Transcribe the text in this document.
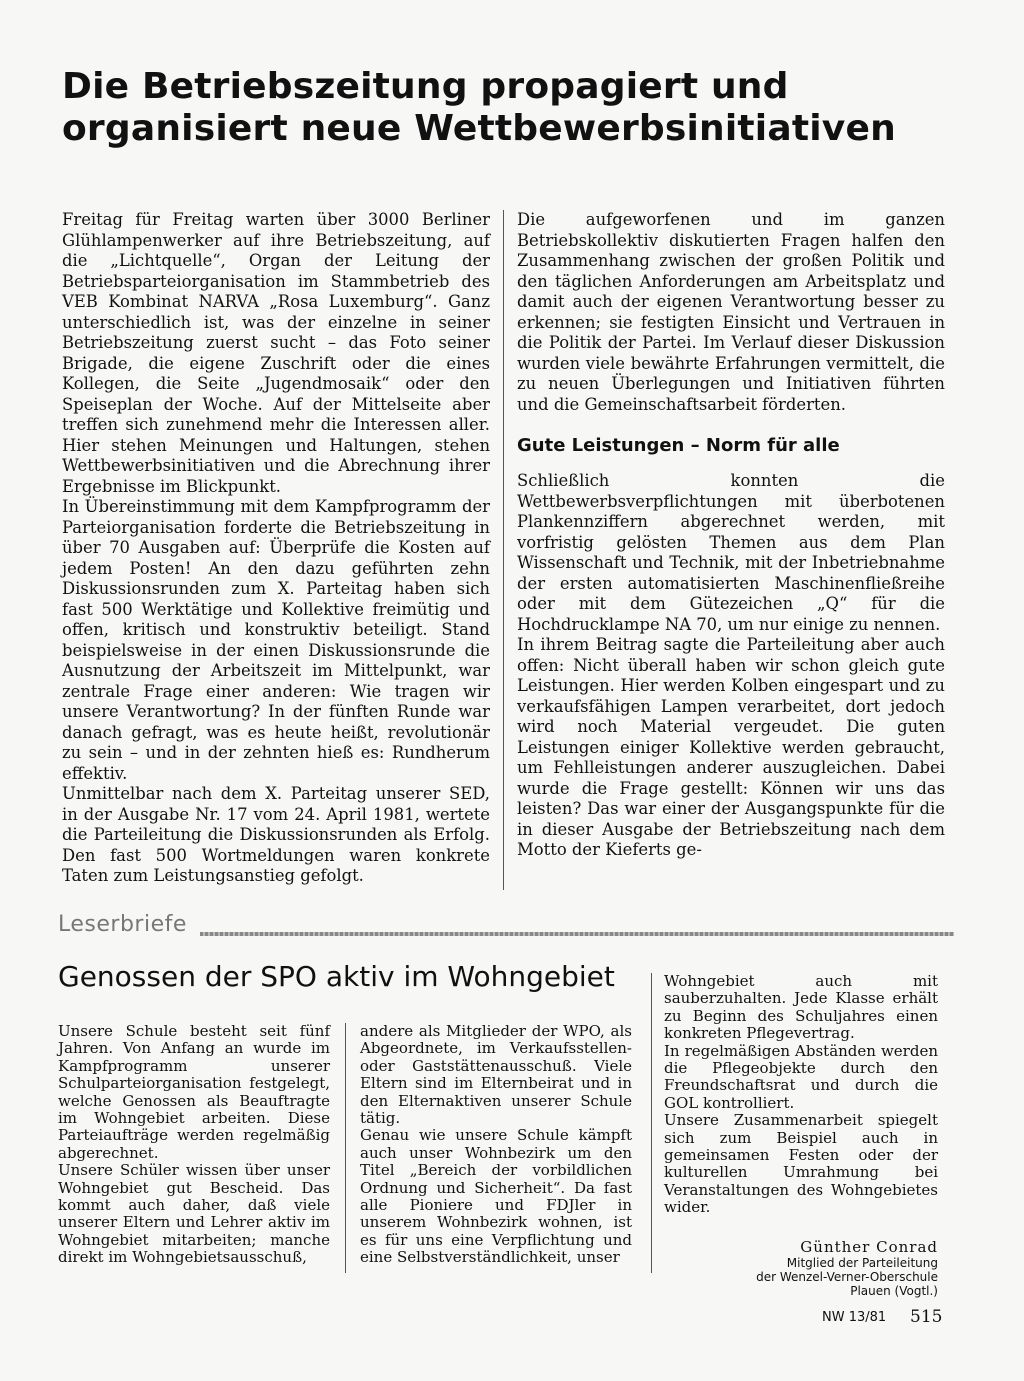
Die Betriebszeitung propagiert und organisiert neue Wettbewerbsinitiativen

Freitag für Freitag warten über 3000 Berliner Glühlampenwerker auf ihre Betriebszeitung, auf die „Lichtquelle“, Organ der Leitung der Betriebsparteiorganisation im Stammbetrieb des VEB Kombinat NARVA „Rosa Luxemburg“. Ganz unterschiedlich ist, was der einzelne in seiner Betriebszeitung zuerst sucht – das Foto seiner Brigade, die eigene Zuschrift oder die eines Kollegen, die Seite „Jugendmosaik“ oder den Speiseplan der Woche. Auf der Mittelseite aber treffen sich zunehmend mehr die Interessen aller. Hier stehen Meinungen und Haltungen, stehen Wettbewerbsinitiativen und die Abrechnung ihrer Ergebnisse im Blickpunkt.

In Übereinstimmung mit dem Kampfprogramm der Parteiorganisation forderte die Betriebszeitung in über 70 Ausgaben auf: Überprüfe die Kosten auf jedem Posten! An den dazu geführten zehn Diskussionsrunden zum X. Parteitag haben sich fast 500 Werktätige und Kollektive freimütig und offen, kritisch und konstruktiv beteiligt. Stand beispielsweise in der einen Diskussionsrunde die Ausnutzung der Arbeitszeit im Mittelpunkt, war zentrale Frage einer anderen: Wie tragen wir unsere Verantwortung? In der fünften Runde war danach gefragt, was es heute heißt, revolutionär zu sein – und in der zehnten hieß es: Rundherum effektiv.

Unmittelbar nach dem X. Parteitag unserer SED, in der Ausgabe Nr. 17 vom 24. April 1981, wertete die Parteileitung die Diskussionsrunden als Erfolg. Den fast 500 Wortmeldungen waren konkrete Taten zum Leistungsanstieg gefolgt.

Die aufgeworfenen und im ganzen Betriebskollektiv diskutierten Fragen halfen den Zusammenhang zwischen der großen Politik und den täglichen Anforderungen am Arbeitsplatz und damit auch der eigenen Verantwortung besser zu erkennen; sie festigten Einsicht und Vertrauen in die Politik der Partei. Im Verlauf dieser Diskussion wurden viele bewährte Erfahrungen vermittelt, die zu neuen Überlegungen und Initiativen führten und die Gemeinschaftsarbeit förderten.

Gute Leistungen – Norm für alle

Schließlich konnten die Wettbewerbsverpflichtungen mit überbotenen Plankennziffern abgerechnet werden, mit vorfristig gelösten Themen aus dem Plan Wissenschaft und Technik, mit der Inbetriebnahme der ersten automatisierten Maschinenfließreihe oder mit dem Gütezeichen „Q“ für die Hochdrucklampe NA 70, um nur einige zu nennen.

In ihrem Beitrag sagte die Parteileitung aber auch offen: Nicht überall haben wir schon gleich gute Leistungen. Hier werden Kolben eingespart und zu verkaufsfähigen Lampen verarbeitet, dort jedoch wird noch Material vergeudet. Die guten Leistungen einiger Kollektive werden gebraucht, um Fehlleistungen anderer auszugleichen. Dabei wurde die Frage gestellt: Können wir uns das leisten? Das war einer der Ausgangspunkte für die in dieser Ausgabe der Betriebszeitung nach dem Motto der Kieferts ge-

Leserbriefe
Genossen der SPO aktiv im Wohngebiet

Unsere Schule besteht seit fünf Jahren. Von Anfang an wurde im Kampfprogramm unserer Schulparteiorganisation festgelegt, welche Genossen als Beauftragte im Wohngebiet arbeiten. Diese Parteiaufträge werden regelmäßig abgerechnet.

Unsere Schüler wissen über unser Wohngebiet gut Bescheid. Das kommt auch daher, daß viele unserer Eltern und Lehrer aktiv im Wohngebiet mitarbeiten; manche direkt im Wohngebietsausschuß,

andere als Mitglieder der WPO, als Abgeordnete, im Verkaufsstellen- oder Gaststättenausschuß. Viele Eltern sind im Elternbeirat und in den Elternaktiven unserer Schule tätig.

Genau wie unsere Schule kämpft auch unser Wohnbezirk um den Titel „Bereich der vorbildlichen Ordnung und Sicherheit“. Da fast alle Pioniere und FDJler in unserem Wohnbezirk wohnen, ist es für uns eine Verpflichtung und eine Selbstverständlichkeit, unser

Wohngebiet auch mit sauberzuhalten. Jede Klasse erhält zu Beginn des Schuljahres einen konkreten Pflegevertrag.

In regelmäßigen Abständen werden die Pflegeobjekte durch den Freundschaftsrat und durch die GOL kontrolliert.

Unsere Zusammenarbeit spiegelt sich zum Beispiel auch in gemeinsamen Festen oder der kulturellen Umrahmung bei Veranstaltungen des Wohngebietes wider.

Günther Conrad

Mitglied der Parteileitung

der Wenzel-Verner-Oberschule

Plauen (Vogtl.)

NW 13/81 515
